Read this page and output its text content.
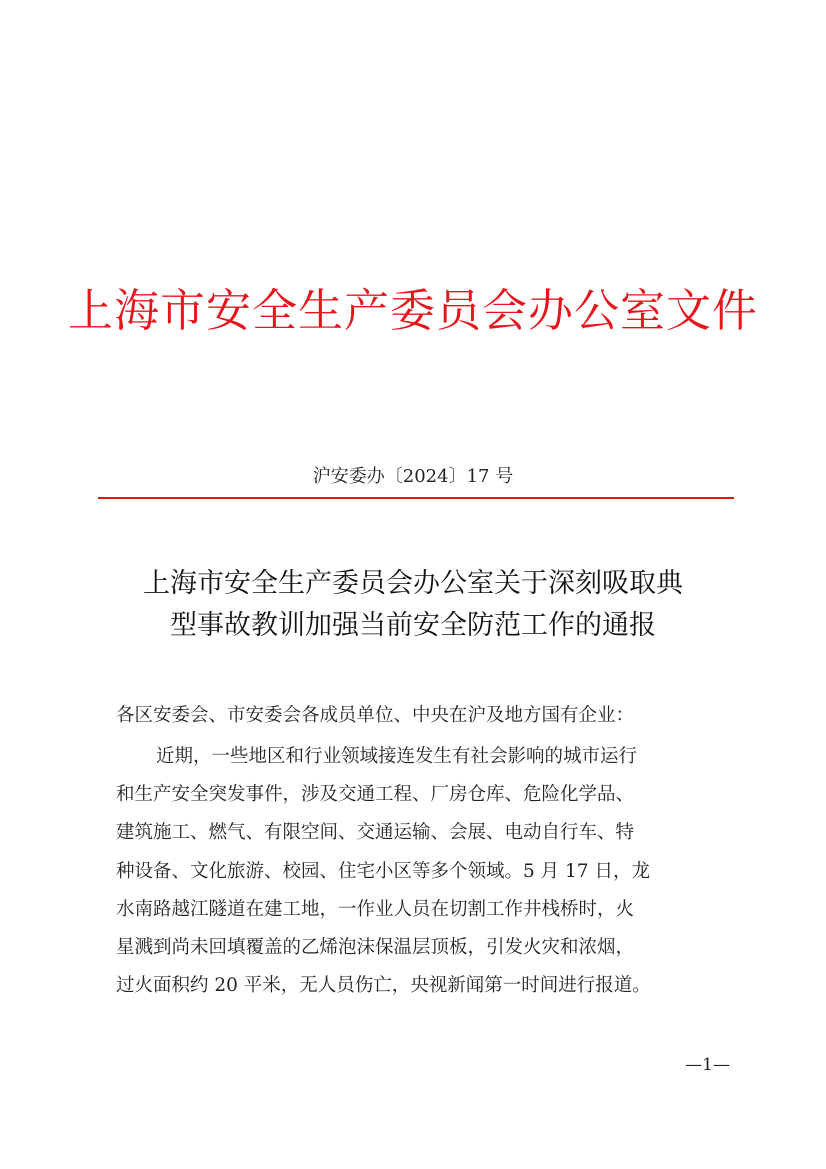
上海市安全生产委员会办公室文件
沪安委办〔2024〕17 号
上海市安全生产委员会办公室关于深刻吸取典
型事故教训加强当前安全防范工作的通报
各区安委会、市安委会各成员单位、中央在沪及地方国有企业：
近期，一些地区和行业领域接连发生有社会影响的城市运行
和生产安全突发事件，涉及交通工程、厂房仓库、危险化学品、
建筑施工、燃气、有限空间、交通运输、会展、电动自行车、特
种设备、文化旅游、校园、住宅小区等多个领域。5 月 17 日，龙
水南路越江隧道在建工地，一作业人员在切割工作井栈桥时，火
星溅到尚未回填覆盖的乙烯泡沫保温层顶板，引发火灾和浓烟，
过火面积约 20 平米，无人员伤亡，央视新闻第一时间进行报道。
—1—
